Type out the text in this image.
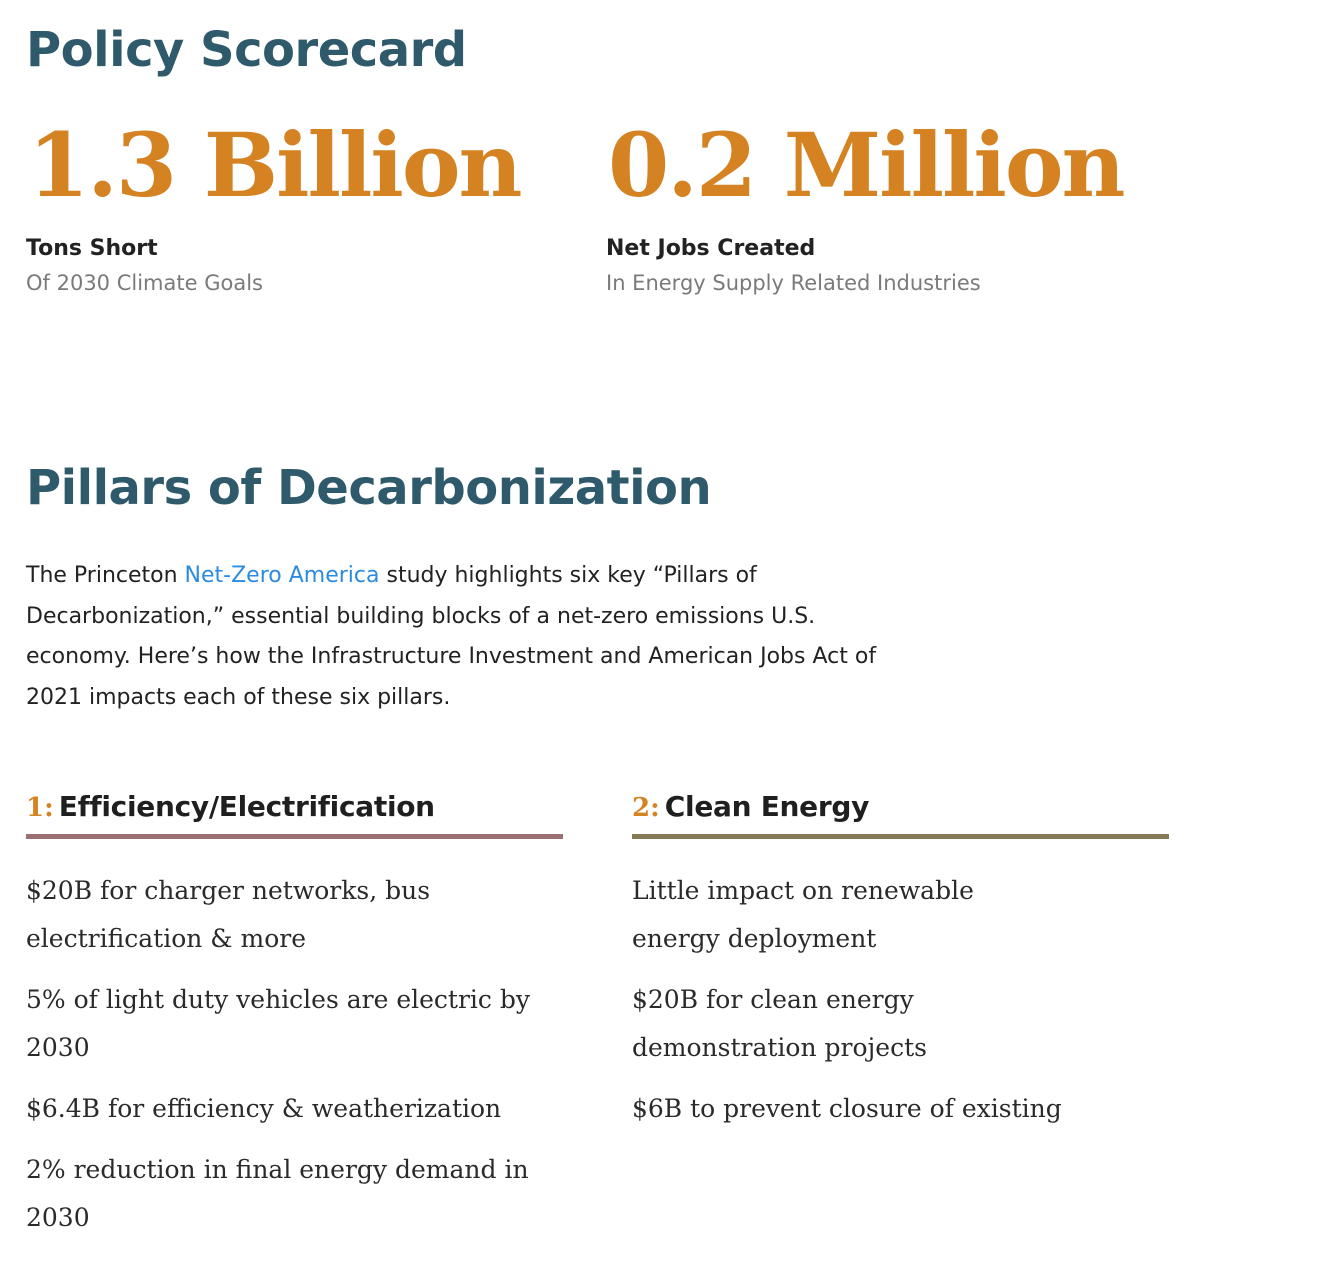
Policy Scorecard
1.3 Billion
Tons Short
Of 2030 Climate Goals
0.2 Million
Net Jobs Created
In Energy Supply Related Industries
Pillars of Decarbonization

The Princeton Net-Zero America study highlights six key “Pillars of Decarbonization,” essential building blocks of a net-zero emissions U.S. economy. Here’s how the Infrastructure Investment and American Jobs Act of 2021 impacts each of these six pillars.

1: Efficiency/Electrification
$20B for charger networks, bus electrification & more
5% of light duty vehicles are electric by 2030
$6.4B for efficiency & weatherization
2% reduction in final energy demand in 2030
2: Clean Energy
Little impact on renewable energy deployment
$20B for clean energy demonstration projects
$6B to prevent closure of existing
